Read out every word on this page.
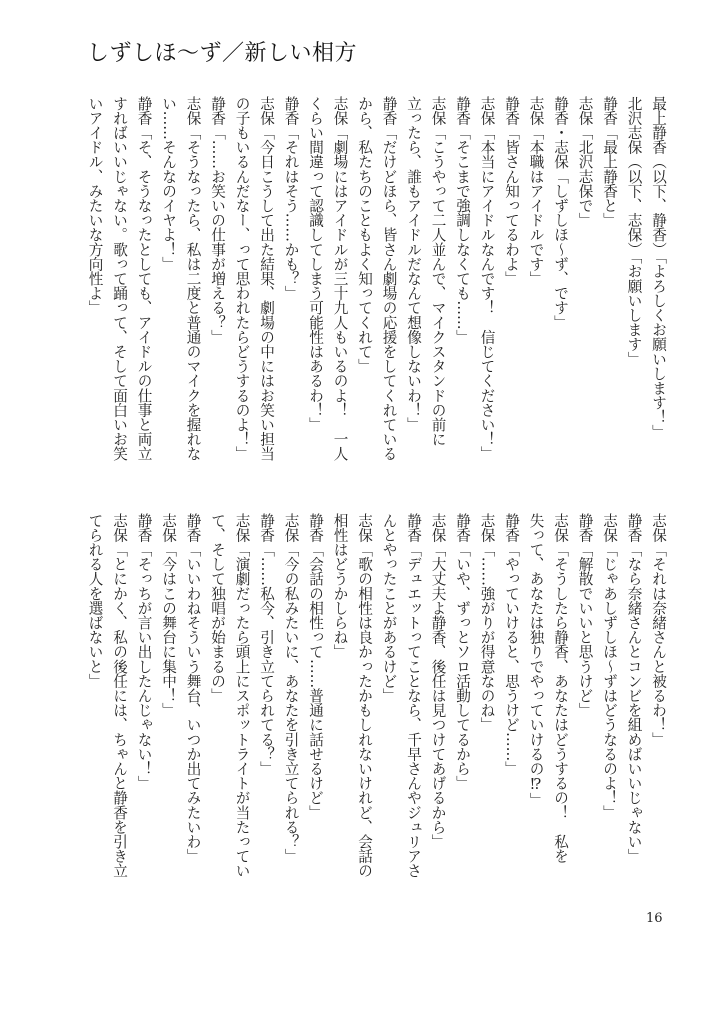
しずしほ〜ず／新しい相方
最上静香（以下、静香）「よろしくお願いします！」
北沢志保（以下、志保）「お願いします」
静香「最上静香と」
志保「北沢志保で」
静香・志保「しずしほ〜ず、です」
志保「本職はアイドルです」
静香「皆さん知ってるわよ」
志保「本当にアイドルなんです！　信じてください！」
静香「そこまで強調しなくても……」
志保「こうやって二人並んで、マイクスタンドの前に
立ったら、誰もアイドルだなんて想像しないわ！」
静香「だけどほら、皆さん劇場の応援をしてくれている
から、私たちのこともよく知ってくれて」
志保「劇場にはアイドルが三十九人もいるのよ！　一人
くらい間違って認識してしまう可能性はあるわ！」
静香「それはそう……かも？」
志保「今日こうして出た結果、劇場の中にはお笑い担当
の子もいるんだなー、って思われたらどうするのよ！」
静香「……お笑いの仕事が増える？」
志保「そうなったら、私は二度と普通のマイクを握れな
い……そんなのイヤよ！」
静香「そ、そうなったとしても、アイドルの仕事と両立
すればいいじゃない。歌って踊って、そして面白いお笑
いアイドル、みたいな方向性よ」
志保「それは奈緒さんと被るわ！」
静香「なら奈緒さんとコンビを組めばいいじゃない」
志保「じゃあしずしほ〜ずはどうなるのよ！」
静香「解散でいいと思うけど」
志保「そうしたら静香、あなたはどうするの！　私を
失って、あなたは独りでやっていけるの⁉」
静香「やっていけると、思うけど……」
志保「……強がりが得意なのね」
静香「いや、ずっとソロ活動してるから」
志保「大丈夫よ静香、後任は見つけてあげるから」
静香「デュエットってことなら、千早さんやジュリアさ
んとやったことがあるけど」
志保「歌の相性は良かったかもしれないけれど、会話の
相性はどうかしらね」
静香「会話の相性って……普通に話せるけど」
志保「今の私みたいに、あなたを引き立てられる？」
静香「……私今、引き立てられてる？」
志保「演劇だったら頭上にスポットライトが当たってい
て、そして独唱が始まるの」
静香「いいわねそういう舞台、いつか出てみたいわ」
志保「今はこの舞台に集中！」
静香「そっちが言い出したんじゃない！」
志保「とにかく、私の後任には、ちゃんと静香を引き立
てられる人を選ばないと」
16
